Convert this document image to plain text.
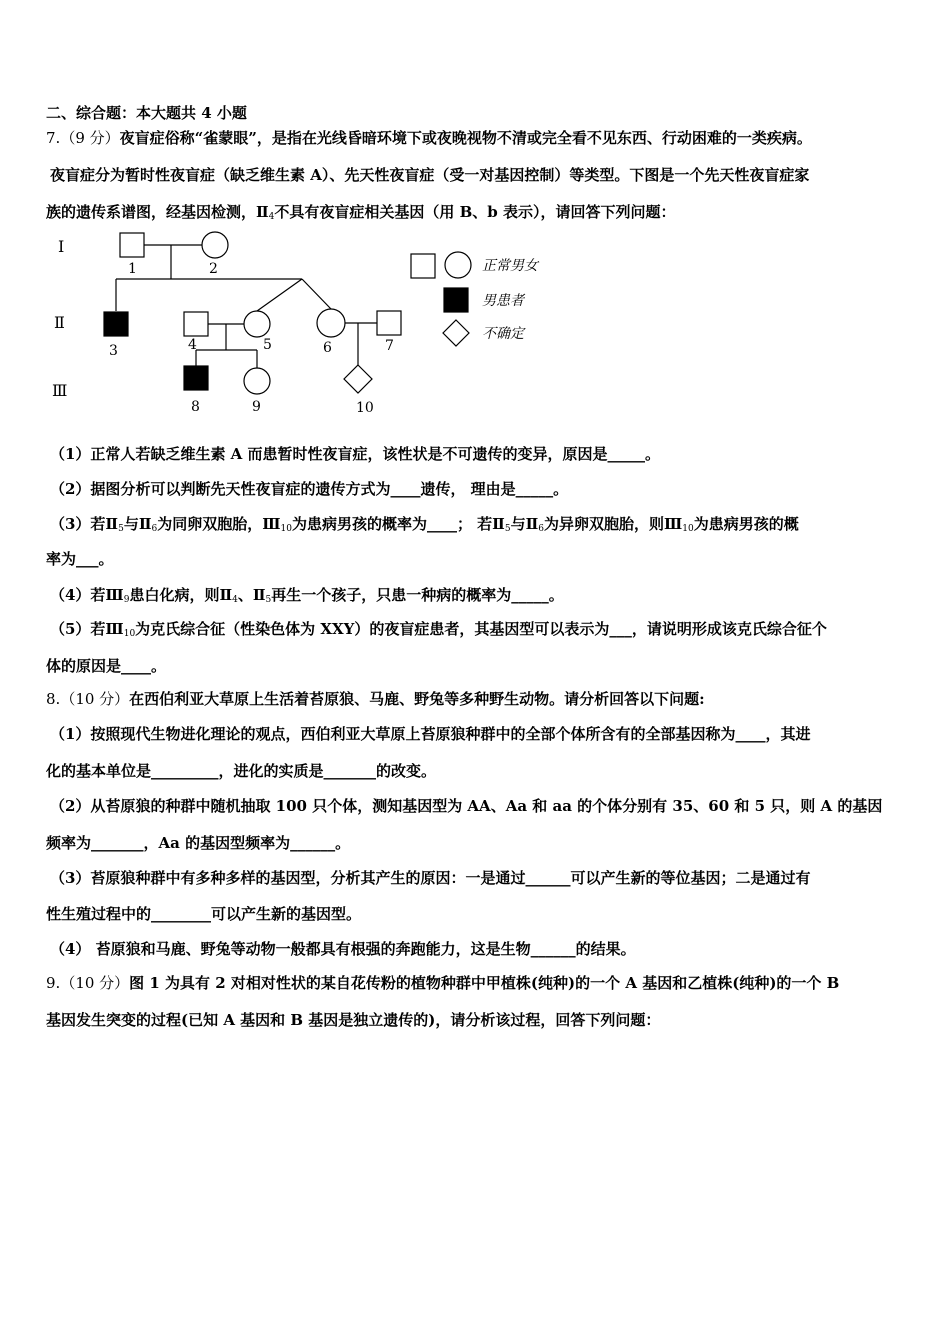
二、综合题：本大题共 4 小题
7.（9 分）夜盲症俗称“雀蒙眼”，是指在光线昏暗环境下或夜晚视物不清或完全看不见东西、行动困难的一类疾病。
夜盲症分为暂时性夜盲症（缺乏维生素 A）、先天性夜盲症（受一对基因控制）等类型。下图是一个先天性夜盲症家
族的遗传系谱图，经基因检测，$Ⅱ_4$不具有夜盲症相关基因（用 B、b 表示），请回答下列问题：
Ⅰ
Ⅱ
Ⅲ
1	2
3	4	5	6	7
8	9	10
正常男女
男患者
不确定
（1）正常人若缺乏维生素 A 而患暂时性夜盲症，该性状是不可遗传的变异，原因是_____。
（2）据图分析可以判断先天性夜盲症的遗传方式为____遗传， 理由是_____。
（3）若$Ⅱ_5$与$Ⅱ_6$为同卵双胞胎，$Ⅲ_{10}$为患病男孩的概率为____； 若$Ⅱ_5$与$Ⅱ_6$为异卵双胞胎，则$Ⅲ_{10}$为患病男孩的概
率为___。
（4）若$Ⅲ_9$患白化病，则$Ⅱ_4$、$Ⅱ_5$再生一个孩子，只患一种病的概率为_____。
（5）若$Ⅲ_{10}$为克氏综合征（性染色体为 XXY）的夜盲症患者，其基因型可以表示为___，请说明形成该克氏综合征个
体的原因是____。
8.（10 分）在西伯利亚大草原上生活着苔原狼、马鹿、野兔等多种野生动物。请分析回答以下问题:
（1）按照现代生物进化理论的观点，西伯利亚大草原上苔原狼种群中的全部个体所含有的全部基因称为____，其进
化的基本单位是_________，进化的实质是_______的改变。
（2）从苔原狼的种群中随机抽取 100 只个体，测知基因型为 AA、Aa 和 aa 的个体分别有 35、60 和 5 只，则 A 的基因
频率为_______，Aa 的基因型频率为______。
（3）苔原狼种群中有多种多样的基因型，分析其产生的原因：一是通过______可以产生新的等位基因；二是通过有
性生殖过程中的________可以产生新的基因型。
（4） 苔原狼和马鹿、野兔等动物一般都具有根强的奔跑能力，这是生物______的结果。
9.（10 分）图 1 为具有 2 对相对性状的某自花传粉的植物种群中甲植株(纯种)的一个 A 基因和乙植株(纯种)的一个 B
基因发生突变的过程(已知 A 基因和 B 基因是独立遗传的)，请分析该过程，回答下列问题：
